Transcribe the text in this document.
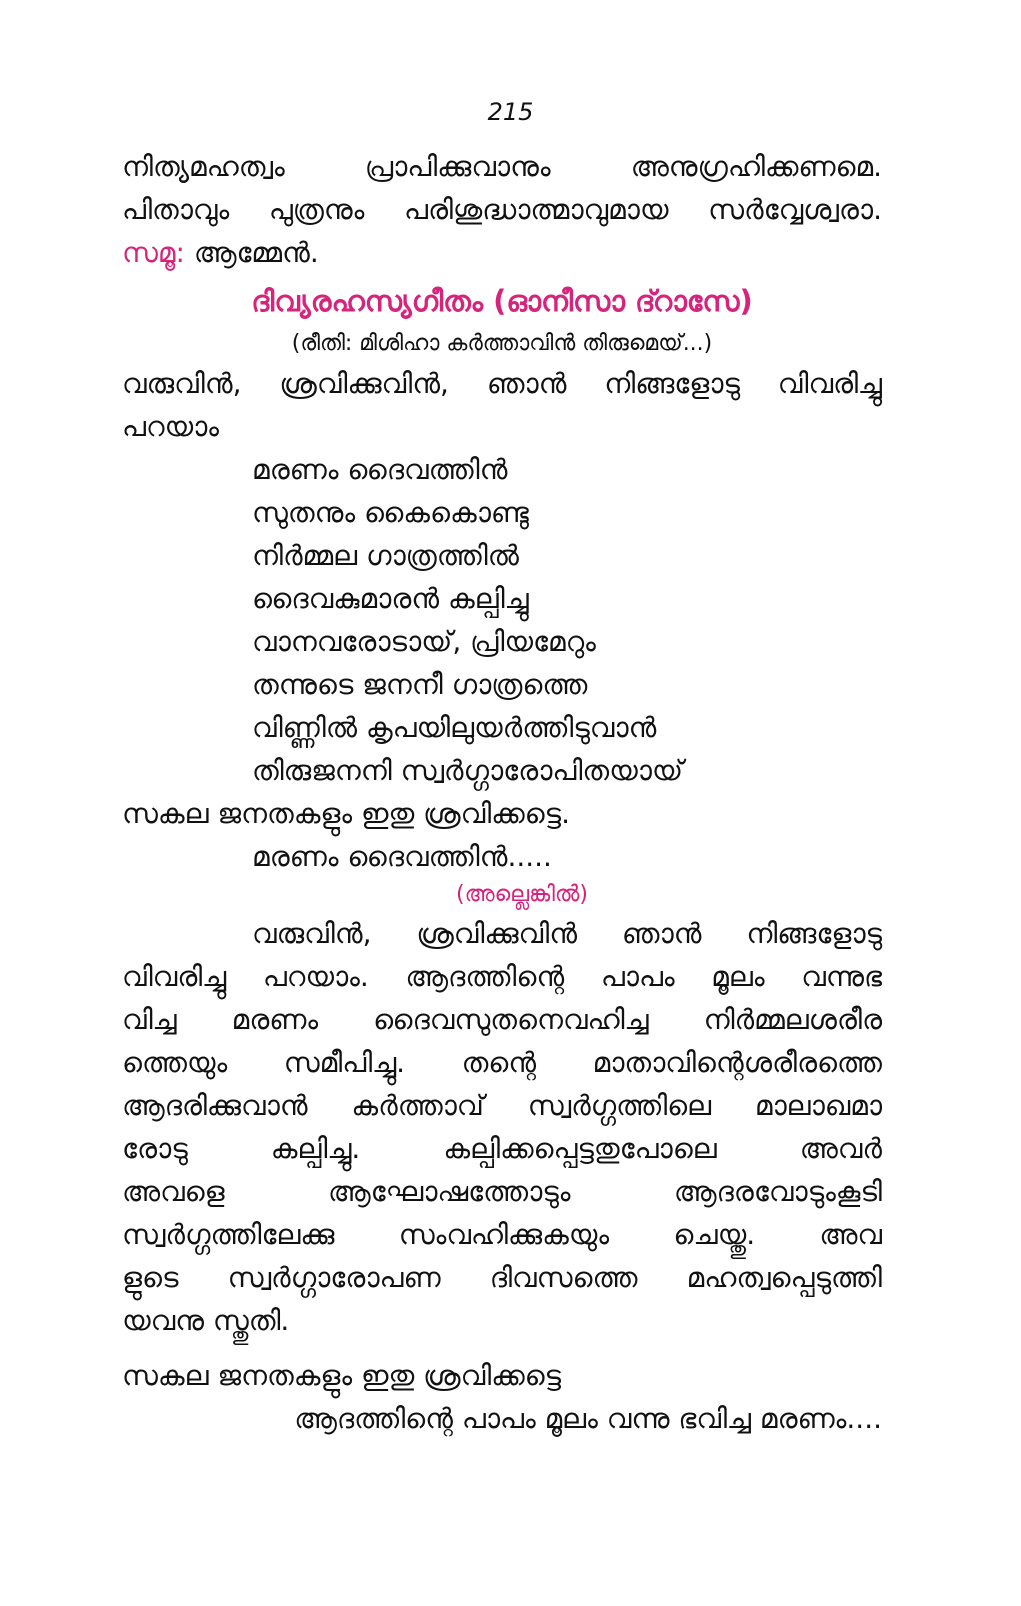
215
നിത്യമഹത്വം പ്രാപിക്കുവാനും അനുഗ്രഹിക്കണമെ.
പിതാവും പുത്രനും പരിശുദ്ധാത്മാവുമായ സർവ്വേശ്വരാ.
സമൂ: ആമ്മേൻ.
ദിവ്യരഹസ്യഗീതം (ഓനീസാ ദ്റാസേ)
(രീതി: മിശിഹാ കർത്താവിൻ തിരുമെയ്...)
വരുവിൻ, ശ്രവിക്കുവിൻ, ഞാൻ നിങ്ങളോടു വിവരിച്ചു
പറയാം
മരണം ദൈവത്തിൻ
സുതനും കൈകൊണ്ടു
നിർമ്മല ഗാത്രത്തിൽ
ദൈവകുമാരൻ കല്പിച്ചു
വാനവരോടായ്, പ്രിയമേറും
തന്നുടെ ജനനീ ഗാത്രത്തെ
വിണ്ണിൽ കൃപയിലുയർത്തിടുവാൻ
തിരുജനനി സ്വർഗ്ഗാരോപിതയായ്
സകല ജനതകളും ഇതു ശ്രവിക്കട്ടെ.
മരണം ദൈവത്തിൻ.....
(അല്ലെങ്കിൽ)
വരുവിൻ, ശ്രവിക്കുവിൻ ഞാൻ നിങ്ങളോടു
വിവരിച്ചു പറയാം. ആദത്തിന്റെ പാപം മൂലം വന്നുഭ
വിച്ച മരണം ദൈവസുതനെവഹിച്ച നിർമ്മലശരീര
ത്തെയും സമീപിച്ചു. തന്റെ മാതാവിന്റെശരീരത്തെ
ആദരിക്കുവാൻ കർത്താവ് സ്വർഗ്ഗത്തിലെ മാലാഖമാ
രോടു കല്പിച്ചു. കല്പിക്കപ്പെട്ടതുപോലെ അവർ
അവളെ ആഘോഷത്തോടും ആദരവോടുംകൂടി
സ്വർഗ്ഗത്തിലേക്കു സംവഹിക്കുകയും ചെയ്തു. അവ
ളുടെ സ്വർഗ്ഗാരോപണ ദിവസത്തെ മഹത്വപ്പെടുത്തി
യവനു സ്തുതി.
സകല ജനതകളും ഇതു ശ്രവിക്കട്ടെ
ആദത്തിന്റെ പാപം മൂലം വന്നു ഭവിച്ച മരണം....
